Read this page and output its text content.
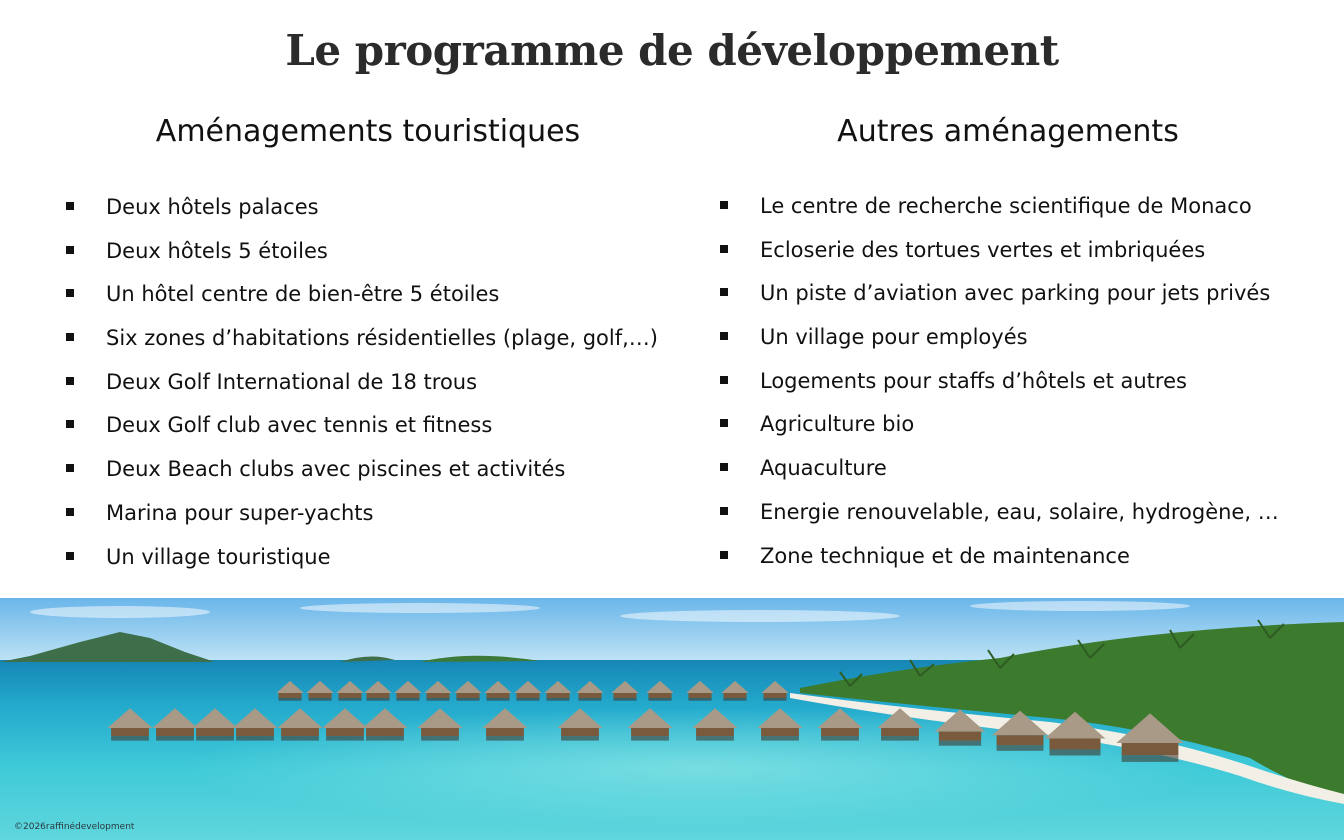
Le programme de développement
Aménagements touristiques	Autres aménagements
Deux hôtels palaces
Deux hôtels 5 étoiles
Un hôtel centre de bien-être 5 étoiles
Six zones d’habitations résidentielles (plage, golf,…)
Deux Golf International de 18 trous
Deux Golf club avec tennis et fitness
Deux Beach clubs avec piscines et activités
Marina pour super-yachts
Un village touristique
Le centre de recherche scientifique de Monaco
Ecloserie des tortues vertes et imbriquées
Un piste d’aviation avec parking pour jets privés
Un village pour employés
Logements pour staffs d’hôtels et autres
Agriculture bio
Aquaculture
Energie renouvelable, eau, solaire, hydrogène, …
Zone technique et de maintenance
©2026raffinédevelopment
